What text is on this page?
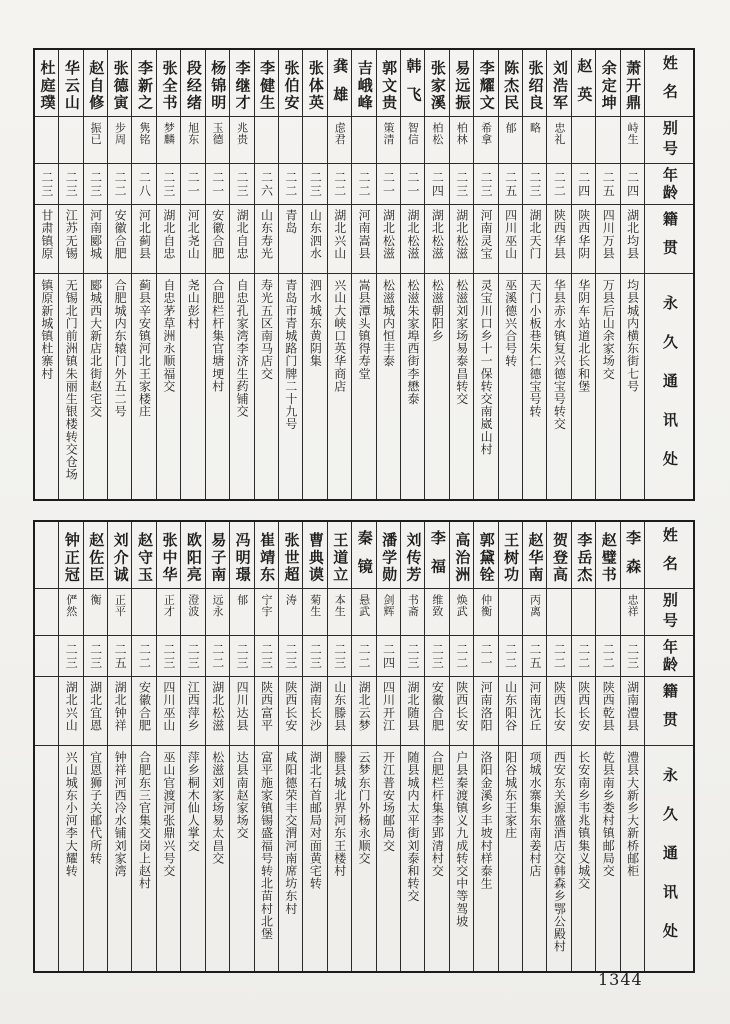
姓名	萧开鼎	余定坤	赵英	刘浩军	张绍良	陈杰民	李耀文	易远振	张家溪	韩飞	郭文贵	吉峨峰	龚雄	张体英	张伯安	李健生	李继才	杨锦明	段经绪	张全书	李新之	张德寅	赵自修	华云山	杜庭璞

别号	峙生			忠礼	略	郁	希拿	柏林	柏松	智信	策清		虑君				兆贵	玉德	旭东	梦麟	隽铭	步周	振已		

年龄	二四	二五	二四	二二	二三	二五	二三	二三	二四	二一	二一	二二	二二	二三	二二	二六	二三	二一	二一	二三	二八	二二	二三	二三	二三

籍贯	湖北均县	四川万县	陕西华阴	陕西华县	湖北天门	四川巫山	河南灵宝	湖北松滋	湖北松滋	湖北松滋	湖北松滋	河南嵩县	湖北兴山	山东泗水	青岛	山东寿光	湖北自忠	安徽合肥	河北尧山	湖北自忠	河北蓟县	安徽合肥	河南郾城	江苏无锡	甘肃镇原

永久通讯处	均县城内横东街七号	万县后山余家场交	华阴车站道北长和堡	华县赤水镇复兴德宝号转交	天门小板巷朱仁德宝号转	巫溪德兴合号转	灵宝川口乡十一保转交南崴山村	松滋刘家场易泰昌转交	松滋朝阳乡	松滋朱家埠西街李懋泰	松滋城内恒丰泰	嵩县潭头镇得寿堂	兴山大峡口英华商店	泗水城东黄阴集	青岛市青城路门牌二十九号	寿光五区南马店交	自忠孔家湾李济生药铺交	合肥栏杆集官塘埂村	尧山彭村	自忠茅草洲永顺福交	蓟县辛安镇河北王家楼庄	合肥城内东辕门外五二号	郾城西大新店北街赵宅交	无锡北门前洲镇朱丽生银楼转交仓场	镇原新城镇杜寨村
姓名	李森	赵璧书	李岳杰	贺登高	赵华南	王树功	郭黛铨	高治洲	李福	刘传芳	潘学勋	秦镜	王道立	曹典谟	张世超	崔靖东	冯明璟	易子南	欧阳亮	张中华	赵守玉	刘介诚	赵佐臣	钟正冠	

别号	忠祥				丙离		仲衡	焕武	维致	书斋	剑辉	悬武	本生	菊生	涛	宁宇	郁	远永	澄波	正才		正平	衡	俨然	

年龄	二三	二二	二二	二二	二五	二二	二一	二二	二三	二三	二四	二二	二三	二三	二三	二三	二三	二二	二三	二三	二二	二五	二三	二三	

籍贯	湖南澧县	陕西乾县	陕西长安	陕西长安	河南沈丘	山东阳谷	河南洛阳	陕西长安	安徽合肥	湖北随县	四川开江	湖北云梦	山东滕县	湖南长沙	陕西长安	陕西富平	四川达县	湖北松滋	江西萍乡	四川巫山	安徽合肥	湖北钟祥	湖北宜恩	湖北兴山	

永久通讯处	澧县大新乡大新桥邮柜	乾县南乡娄村镇邮局交	长安南乡韦兆镇集义城交	西安东关源盛酒店交韩森乡鄂公殿村	项城水寨集东南姜村店	阳谷城东王家庄	洛阳金溪乡丰坡村样泰生	户县秦渡镇义九成转交中等驾坡	合肥栏杆集李郢清村交	随县城内太平街刘泰和转交	开江普安场邮局交	云梦东门外杨永顺交	滕县城北界河东王楼村	湖北石首邮局对面黄宅转	咸阳德荣丰交渭河南席坊东村	富平施家镇锡盛福号转北苗村北堡	达县南赵家场交	松滋刘家场易太昌交	萍乡桐木仙人掌交	巫山官渡河张鼎兴号交	合肥东三官集交岗上赵村	钟祥河西冷水铺刘家湾	宜恩狮子关邮代所转	兴山城东小河李大耀转	

1344
